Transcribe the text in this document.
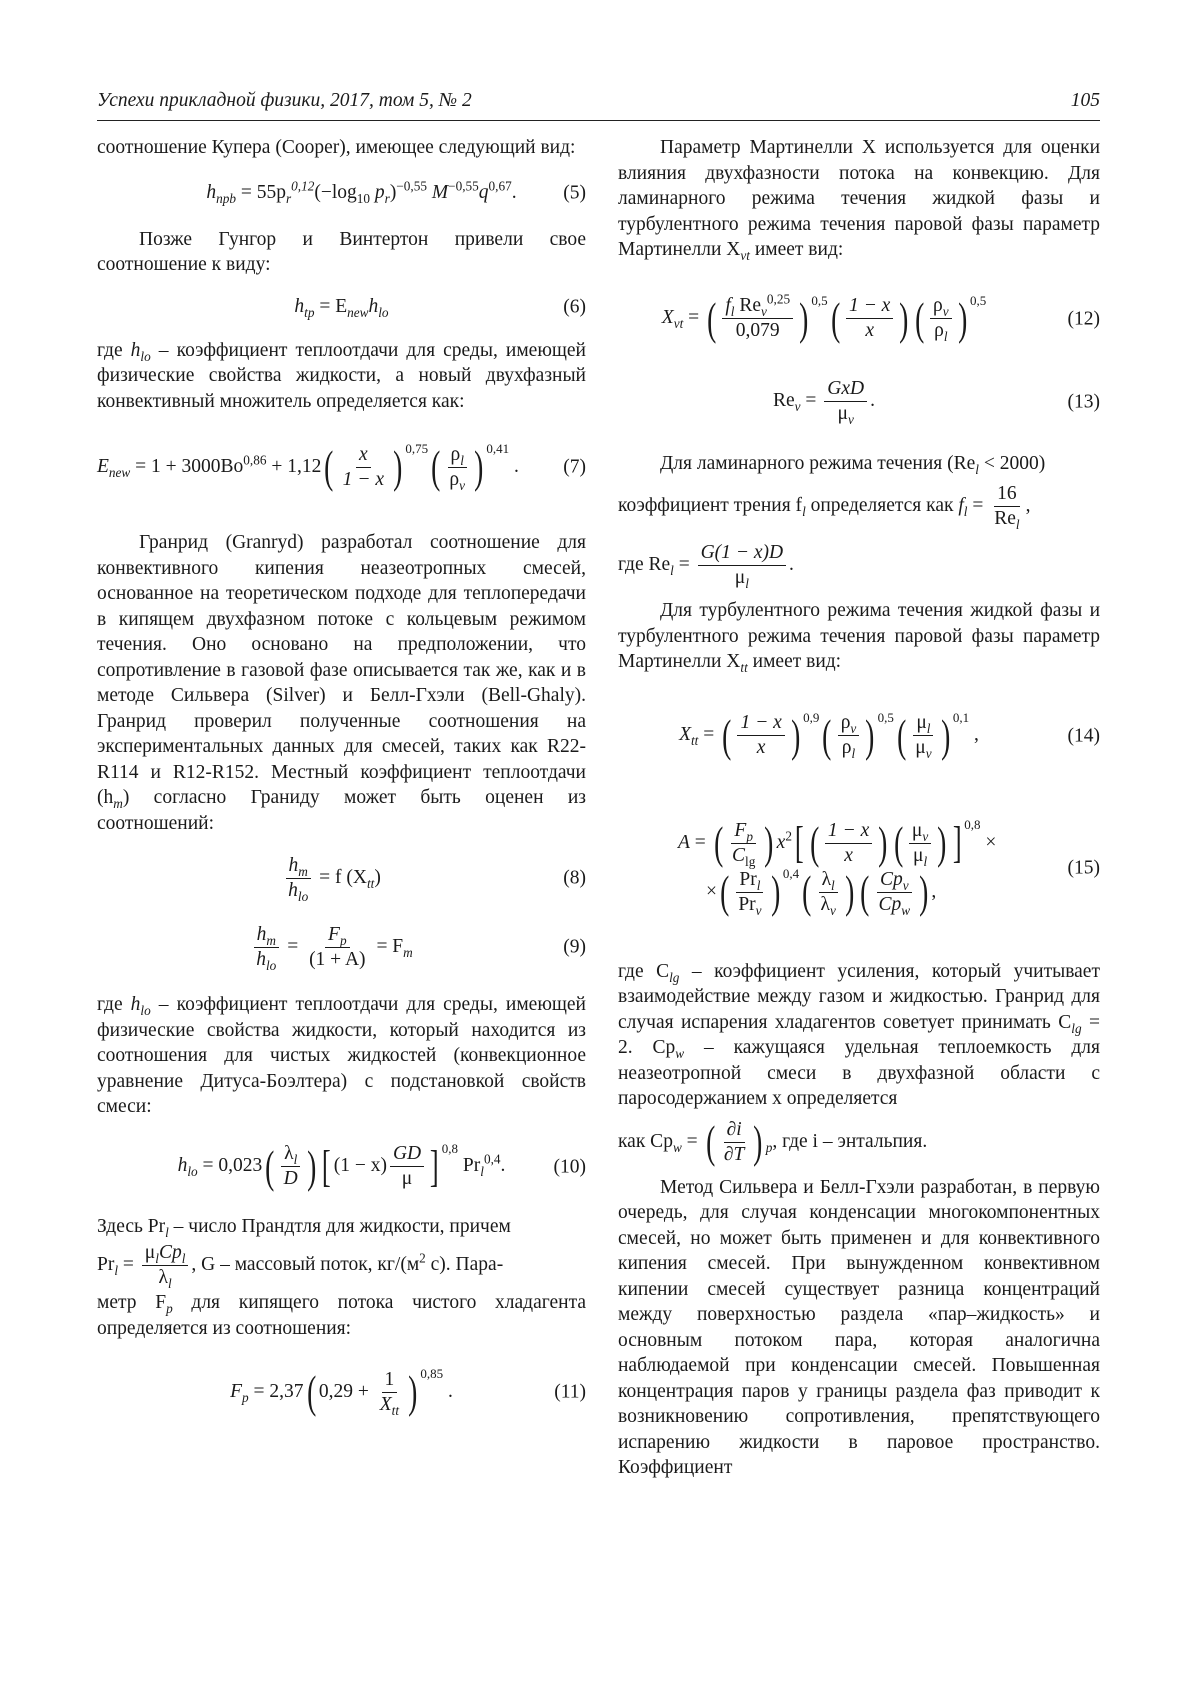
Успехи прикладной физики, 2017, том 5, № 2	105

соотношение Купера (Cooper), имеющее следующий вид:

$h_{npb} = 55p_r^{0,12}(-\log_{10}$ $p_r)^{-0,55}$ $M^{-0,55}q^{0,67}$. (5)

Позже Гунгор и Винтертон привели свое соотношение к виду:

$h_{tp} = E_{new}h_{lo}$	(6)

где $h_{lo}$ – коэффициент теплоотдачи для среды, имеющей физические свойства жидкости, а новый двухфазный конвективный множитель определяется как:

$E_{new} = 1 + 3000Bo^{0,86} + 1,12( \frac{x}{1 - x}$ ) $^{0,75}( \frac{\rho_l}{\rho_v}$ ) $^{0,41}$ . (7)

Гранрид (Granryd) разработал соотношение для конвективного кипения неазеотропных смесей, основанное на теоретическом подходе для теплопередачи в кипящем двухфазном потоке с кольцевым режимом течения. Оно основано на предположении, что сопротивление в газовой фазе описывается так же, как и в методе Сильвера (Silver) и Белл-Гхэли (Bell-Ghaly). Гранрид проверил полученные соотношения на экспериментальных данных для смесей, таких как R22-R114 и R12-R152. Местный коэффициент теплоотдачи $(h_m)$ согласно Граниду может быть оценен из соотношений:

$\frac{h_m}{h_{lo}} = f$ $(X_{tt})$	(8)
$\frac{h_m}{h_{lo}} = \frac{F_p}{(1 + A)} = F_m$	(9)

где $h_{lo}$ – коэффициент теплоотдачи для среды, имеющей физические свойства жидкости, который находится из соотношения для чистых жидкостей (конвекционное уравнение Дитуса-Боэлтера) с подстановкой свойств смеси:

$h_{lo} = 0,023( \frac{\lambda_l}{D}$ ) [ $(1 - x) \frac{GD}{\mu}$ ] $^{0,8}$ $Pr_l^{0,4}$. (10)

Здесь $Pr_l$ – число Прандтля для жидкости, причем

$Pr_l = \frac{\mu_lCp_l}{\lambda_l}$ , G – массовый поток, $кг/(м^2$ с). Пара-

метр $F_p$ для кипящего потока чистого хладагента определяется из соотношения:

$F_p = 2,37$( $0,29 + \frac{1}{X_{tt}}$ ) $^{0,85}$ .	(11)

Параметр Мартинелли X используется для оценки влияния двухфазности потока на конвекцию. Для ламинарного режима течения жидкой фазы и турбулентного режима течения паровой фазы параметр Мартинелли $X_{vt}$ имеет вид:

$X_{vt}$ = ( $\frac{f_l Re_v^{0,25}}{0,079}$ ) $^{0,5}( \frac{1 - x}{x}$ ) ( $\frac{\rho_v}{\rho_l}$ ) $^{0,5}$
(12)
$Re_v = \frac{\text{GxD}}{\mu_v}$ .	(13)

Для ламинарного режима течения $(Re_l < 2000)$

коэффициент трения $f_l$ определяется как $f_l = \frac{16}{Re_l}$ ,

где $Re_l = \frac{G(1 - x)D}{\mu_l}$ .

Для турбулентного режима течения жидкой фазы и турбулентного режима течения паровой фазы параметр Мартинелли $X_{tt}$ имеет вид:

$X_{tt}$ = ( $\frac{1 - x}{x}$ ) $^{0,9}( \frac{\rho_v}{\rho_l}$ ) $^{0,5}( \frac{\mu_l}{\mu_v}$ ) $^{0,1}$ ,	(14)
A = ( $\frac{F_p}{C_{lg}}$ ) $x^2$[ ( $\frac{1 - x}{x}$ ) ( $\frac{\mu_v}{\mu_l}$ ) ] $^{0,8}$ ×
×( $\frac{Pr_l}{Pr_v}$ ) $^{0,4}( \frac{\lambda_l}{\lambda_v}$ ) ( $\frac{Cp_v}{Cp_w}$ ) ,
(15)

где $C_{lg}$ – коэффициент усиления, который учитывает взаимодействие между газом и жидкостью. Гранрид для случая испарения хладагентов советует принимать $C_{lg} = 2$. $Cp_w$ – кажущаяся удельная теплоемкость для неазеотропной смеси в двухфазной области с паросодержанием x определяется

как $Cp_w$ = ( $\frac{\partial i}{\partial T}$ ) $_p$, где i – энтальпия.

Метод Сильвера и Белл-Гхэли разработан, в первую очередь, для случая конденсации многокомпонентных смесей, но может быть применен и для конвективного кипения смесей. При вынужденном конвективном кипении смесей существует разница концентраций между поверхностью раздела «пар–жидкость» и основным потоком пара, которая аналогична наблюдаемой при конденсации смесей. Повышенная концентрация паров у границы раздела фаз приводит к возникновению сопротивления, препятствующего испарению жидкости в паровое пространство. Коэффициент
